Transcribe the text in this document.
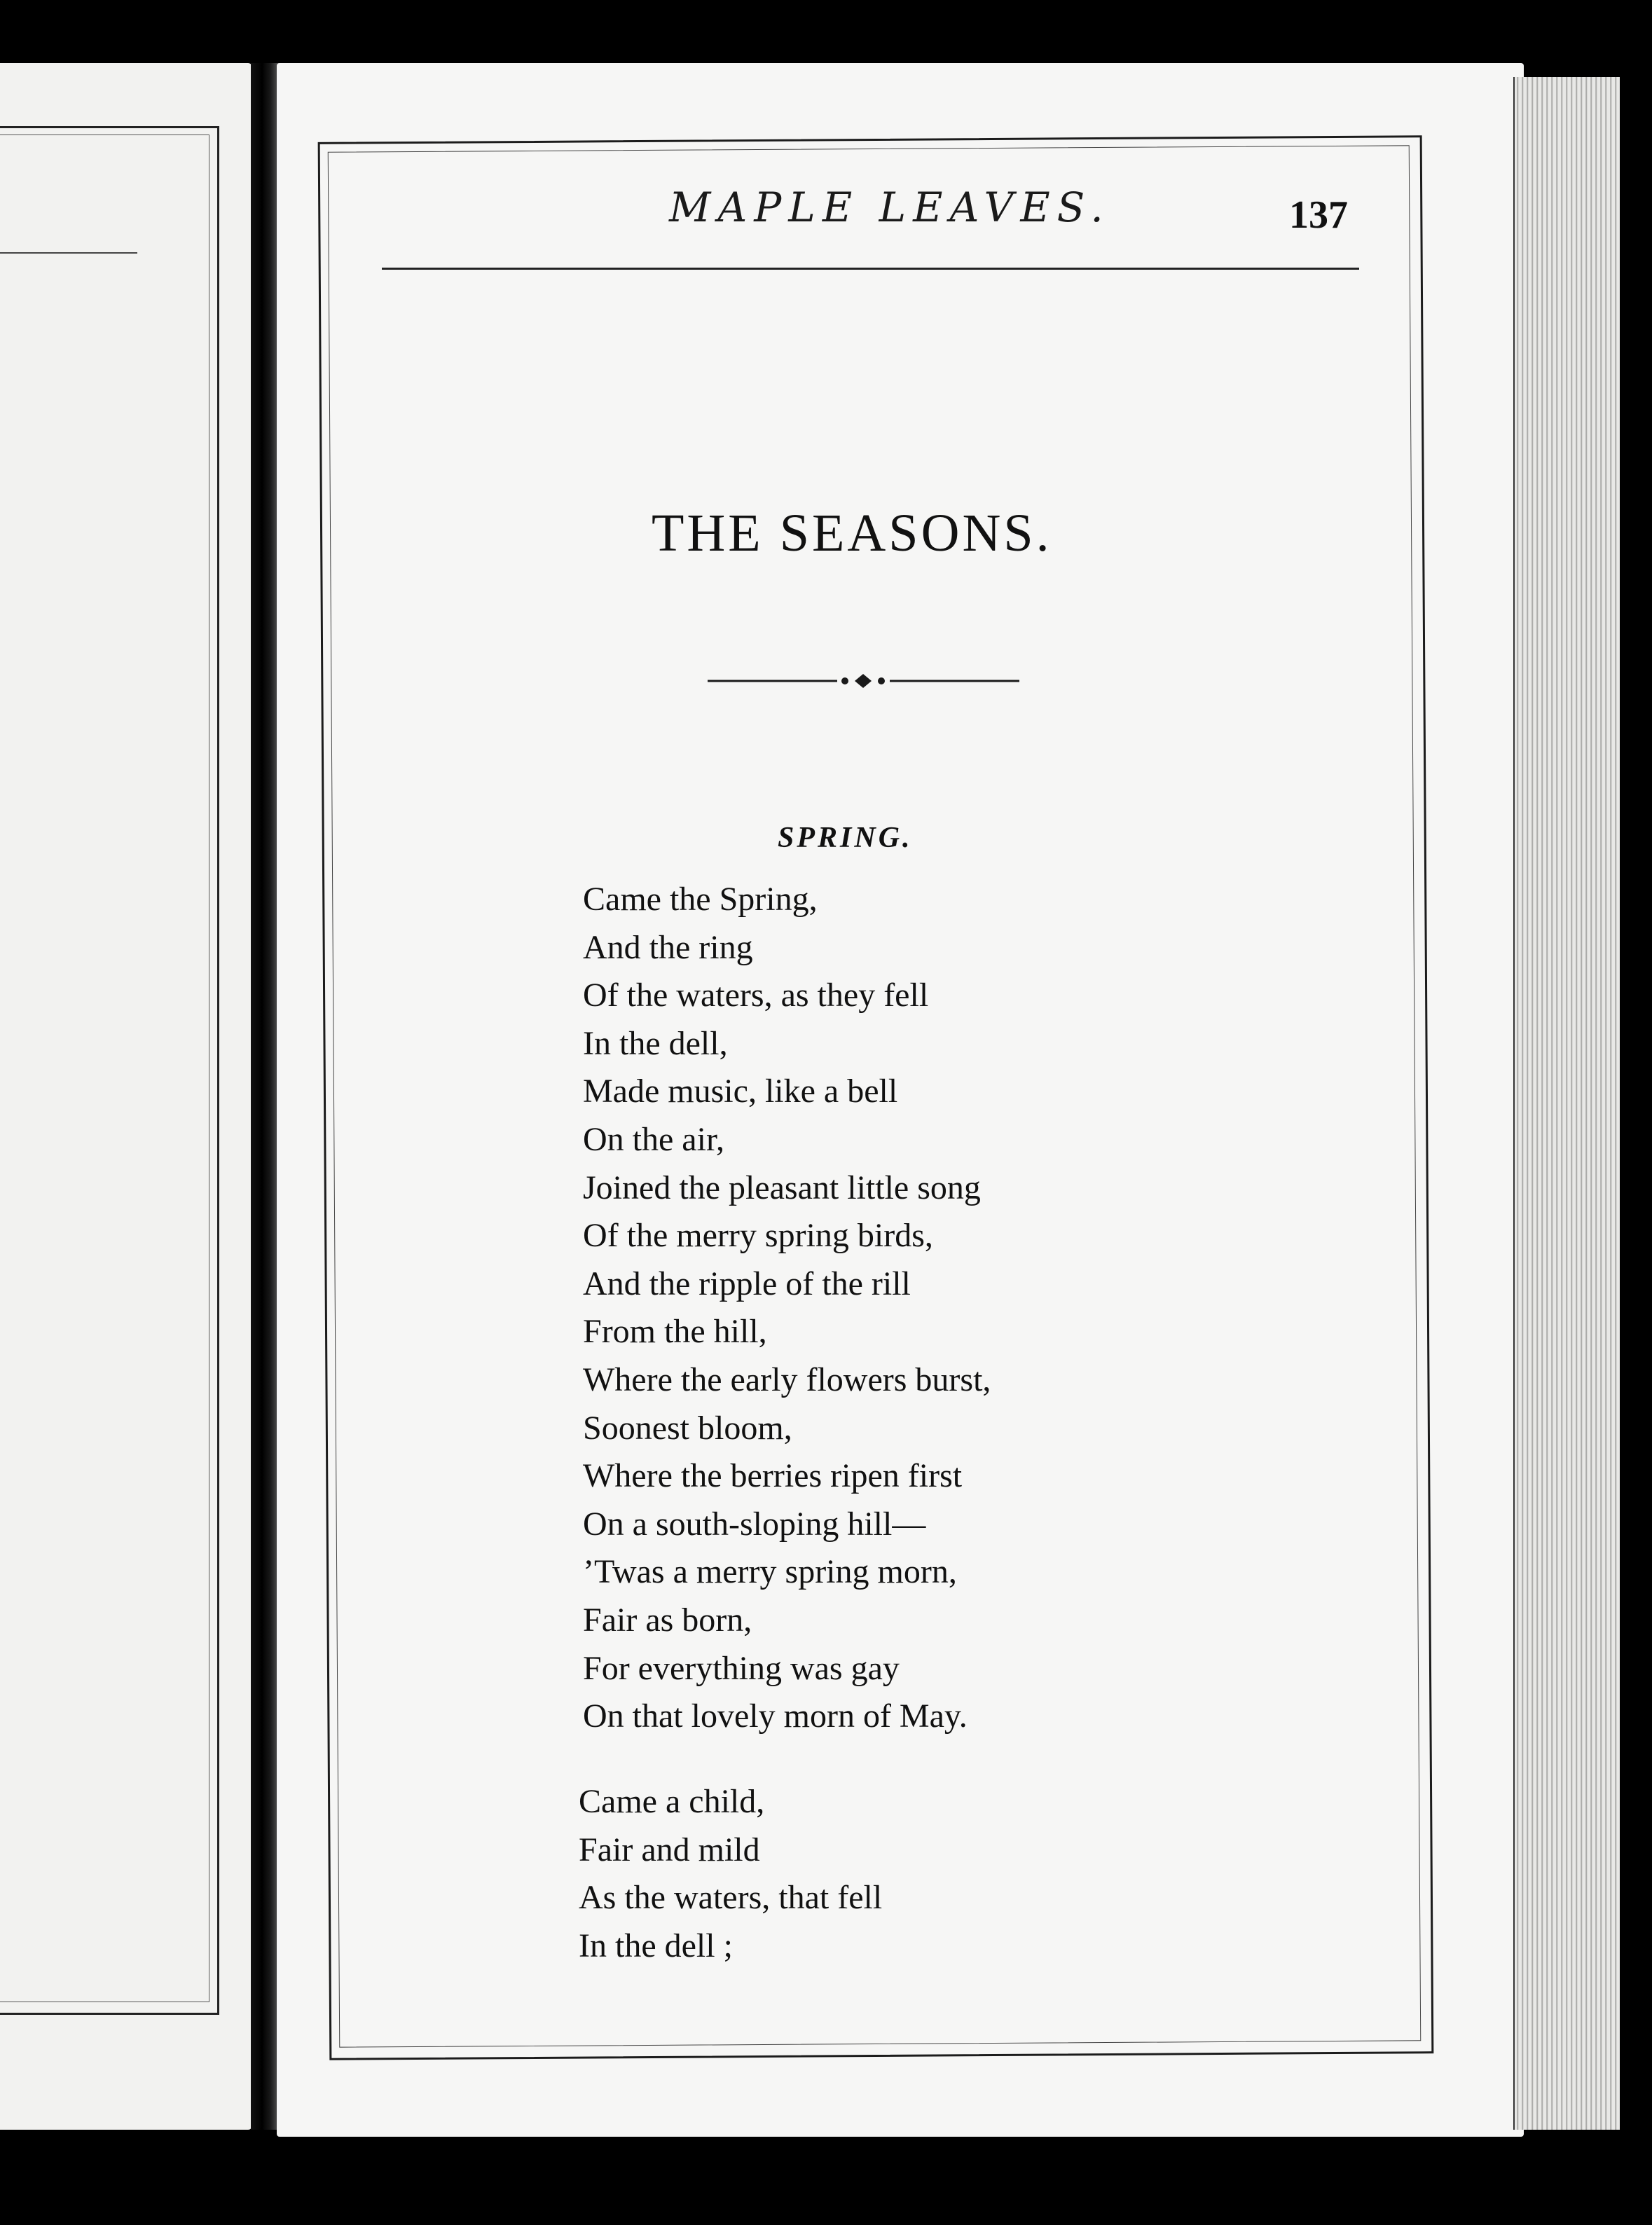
MAPLE LEAVES.	137
THE SEASONS.
SPRING.
Came the Spring,
And the ring
Of the waters, as they fell
In the dell,
Made music, like a bell
On the air,
Joined the pleasant little song
Of the merry spring birds,
And the ripple of the rill
From the hill,
Where the early flowers burst,
Soonest bloom,
Where the berries ripen first
On a south-sloping hill—
’Twas a merry spring morn,
Fair as born,
For everything was gay
On that lovely morn of May.
Came a child,
Fair and mild
As the waters, that fell
In the dell ;
